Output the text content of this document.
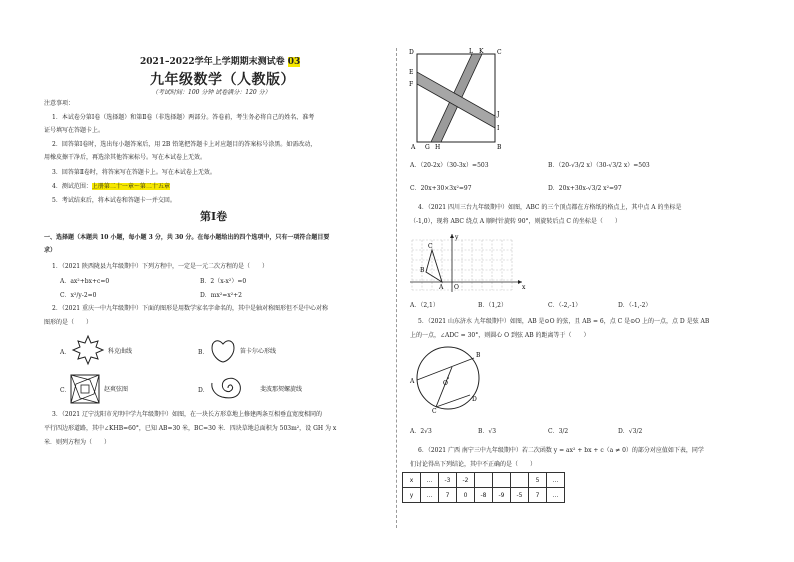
2021–2022学年上学期期末测试卷 03
九年级数学（人教版）
（考试时间：100 分钟 试卷满分：120 分）
注意事项：
1．本试卷分第Ⅰ卷（选择题）和第Ⅱ卷（非选择题）两部分。答卷前，考生务必将自己的姓名、准考
证号填写在答题卡上。
2．回答第Ⅰ卷时，选出每小题答案后，用 2B 铅笔把答题卡上对应题目的答案标号涂黑。如需改动，
用橡皮擦干净后，再选涂其他答案标号。写在本试卷上无效。
3．回答第Ⅱ卷时，将答案写在答题卡上。写在本试卷上无效。
4．测试范围：上册第二十一章～第二十五章
5．考试结束后，将本试卷和答题卡一并交回。
第Ⅰ卷
一、选择题（本题共 10 小题，每小题 3 分，共 30 分。在每小题给出的四个选项中，只有一项符合题目要
求）
1．（2021 陕西陇县九年级期中）下列方程中，一定是一元二次方程的是（　　）
A．ax²+bx+c=0	B．2（x-x²）=0
C．x²/y-2=0	D．mx²=x²+2
2．（2021 重庆一中九年级期中）下面的图形是用数学家名字命名的，其中是轴对称图形但不是中心对称
图形的是（　　）
A．	科克曲线	B．	笛卡尔心形线
C．	赵爽弦图	D．	斐波那契螺旋线
3．（2021 辽宁沈阳市光明中学九年级期中）如图，在一块长方形草地上修建两条互相垂直宽度相同的
平行四边形道路，其中∠KHB=60°，已知 AB=30 米，BC=30 米．四块草地总面积为 503m²，设 GH 为 x
米．则列方程为（　　）
D	L K C
E
F
J
I
A G H	B
A．（20-2x）（30-3x）=503	B．（20-√3/2 x）（30-√3/2 x）=503
C．20x+30×3x²=97	D．20x+30x-√3/2 x²=97
4．（2021 四川三台九年级期中）如图，ABC 的三个顶点都在方格纸的格点上，其中点 A 的坐标是
（-1,0），现将 ABC 绕点 A 顺时针旋转 90°，则旋转后点 C 的坐标是（　　）
y
C
B
A O	x
A．（2,1）	B．（1,2）	C．（-2,-1）	D．（-1,-2）
5．（2021 山东济水 九年级期中）如图，AB 是⊙O 的弦，且 AB = 6，点 C 是⊙O 上的一点，点 D 是弦 AB
上的一点，∠ADC = 30°，则圆心 O 到弦 AB 的距离等于（　　）
A	O
C
B
D
A．2√3	B．√3	C．3/2	D．√3/2
6．（2021 广西 南宁三中九年级期中）若二次函数 y = ax² + bx + c（a ≠ 0）的部分对应值如下表，同学
们讨论得出下列结论，其中不正确的是（　　）
x	…	-3	-2				5	…
y	…	7	0	-8	-9	-5	7	…
